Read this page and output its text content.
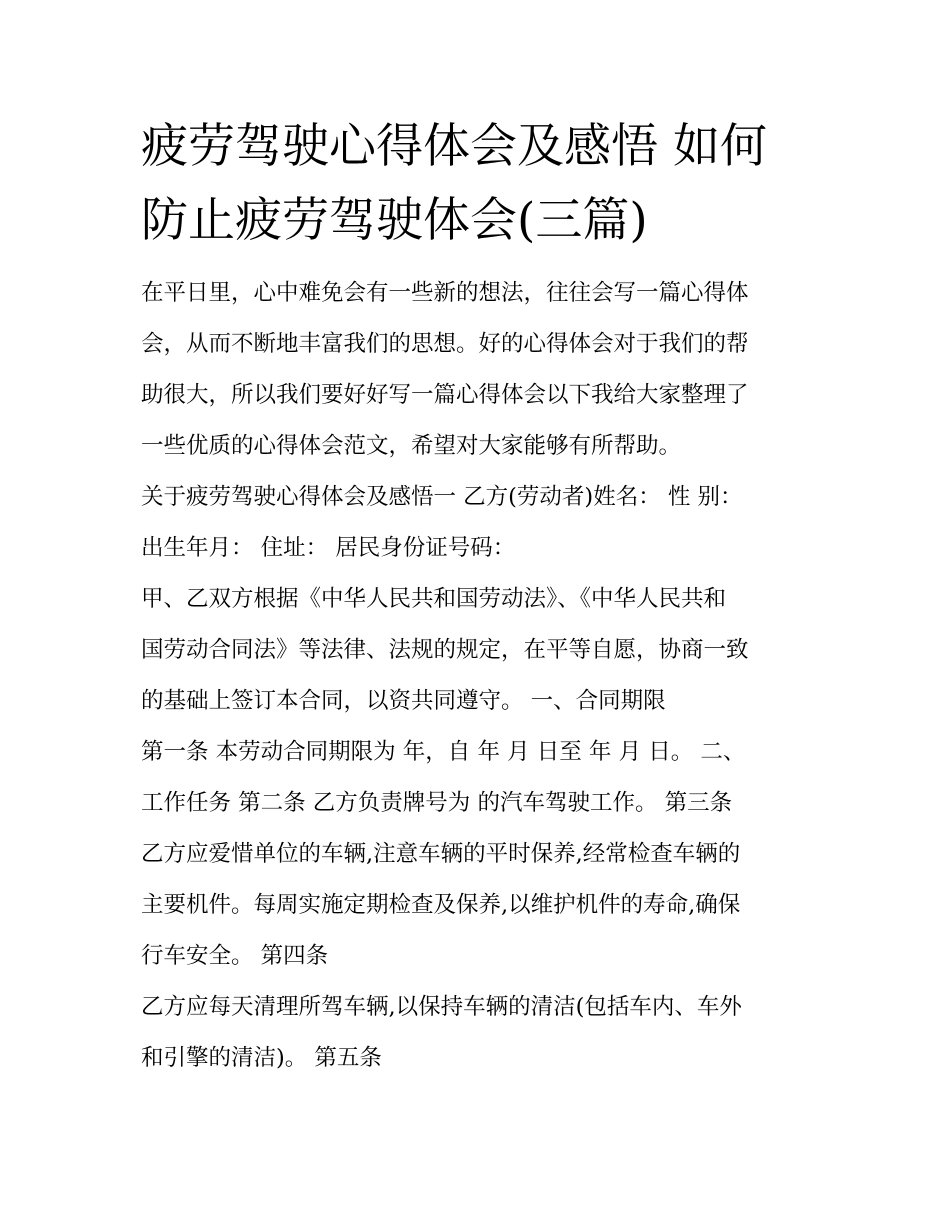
疲劳驾驶心得体会及感悟 如何
防止疲劳驾驶体会(三篇)

在平日里，心中难免会有一些新的想法，往往会写一篇心得体
会，从而不断地丰富我们的思想。好的心得体会对于我们的帮
助很大，所以我们要好好写一篇心得体会以下我给大家整理了
一些优质的心得体会范文，希望对大家能够有所帮助。

关于疲劳驾驶心得体会及感悟一 乙方(劳动者)姓名： 性 别：
出生年月： 住址： 居民身份证号码：

甲、乙双方根据《中华人民共和国劳动法》、《中华人民共和
国劳动合同法》等法律、法规的规定，在平等自愿，协商一致
的基础上签订本合同，以资共同遵守。 一、合同期限

第一条 本劳动合同期限为 年，自 年 月 日至 年 月 日。 二、
工作任务 第二条 乙方负责牌号为 的汽车驾驶工作。 第三条
乙方应爱惜单位的车辆,注意车辆的平时保养,经常检查车辆的
主要机件。每周实施定期检查及保养,以维护机件的寿命,确保
行车安全。 第四条

乙方应每天清理所驾车辆,以保持车辆的清洁(包括车内、车外
和引擎的清洁)。 第五条
